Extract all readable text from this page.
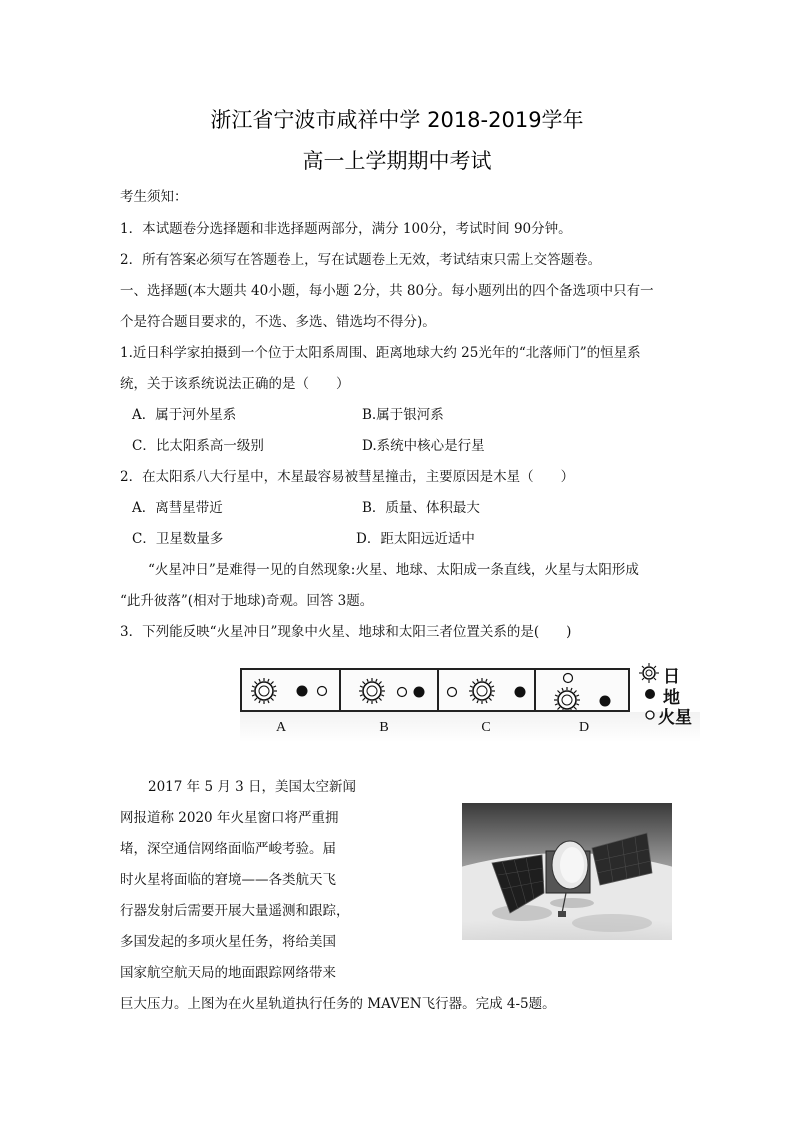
浙江省宁波市咸祥中学 2018-2019学年
高一上学期期中考试
考生须知：
1．本试题卷分选择题和非选择题两部分，满分 100分，考试时间 90分钟。
2．所有答案必须写在答题卷上，写在试题卷上无效，考试结束只需上交答题卷。
一、选择题(本大题共 40小题，每小题 2分，共 80分。每小题列出的四个备选项中只有一
个是符合题目要求的，不选、多选、错选均不得分)。
1.近日科学家拍摄到一个位于太阳系周围、距离地球大约 25光年的“北落师门”的恒星系
统，关于该系统说法正确的是（　　）
A．属于河外星系	B.属于银河系
C．比太阳系高一级别	D.系统中核心是行星
2．在太阳系八大行星中，木星最容易被彗星撞击，主要原因是木星（　　）
A．离彗星带近	B．质量、体积最大
C．卫星数量多	D．距太阳远近适中
“火星冲日”是难得一见的自然现象:火星、地球、太阳成一条直线，火星与太阳形成
“此升彼落”(相对于地球)奇观。回答 3题。
3．下列能反映“火星冲日”现象中火星、地球和太阳三者位置关系的是(　　)
A	B	C	D
日
地
火星
2017 年 5 月 3 日，美国太空新闻
网报道称 2020 年火星窗口将严重拥
堵，深空通信网络面临严峻考验。届
时火星将面临的窘境——各类航天飞
行器发射后需要开展大量遥测和跟踪，
多国发起的多项火星任务，将给美国
国家航空航天局的地面跟踪网络带来
巨大压力。上图为在火星轨道执行任务的 MAVEN飞行器。完成 4-5题。
